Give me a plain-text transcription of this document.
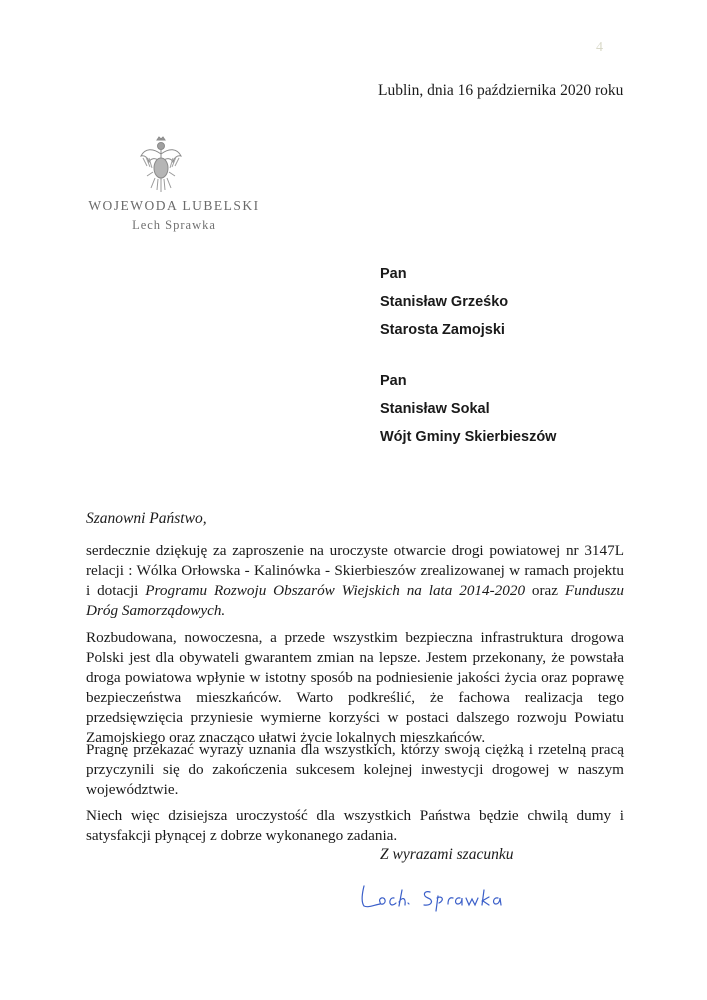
4
Lublin, dnia 16 października 2020 roku
WOJEWODA LUBELSKI
Lech Sprawka
Pan
Stanisław Grześko
Starosta Zamojski
Pan
Stanisław Sokal
Wójt Gminy Skierbieszów
Szanowni Państwo,
serdecznie dziękuję za zaproszenie na uroczyste otwarcie drogi powiatowej nr 3147L relacji : Wólka Orłowska - Kalinówka - Skierbieszów zrealizowanej w ramach projektu i dotacji Programu Rozwoju Obszarów Wiejskich na lata 2014-2020 oraz Funduszu Dróg Samorządowych.
Rozbudowana, nowoczesna, a przede wszystkim bezpieczna infrastruktura drogowa Polski jest dla obywateli gwarantem zmian na lepsze. Jestem przekonany, że powstała droga powiatowa wpłynie w istotny sposób na podniesienie jakości życia oraz poprawę bezpieczeństwa mieszkańców. Warto podkreślić, że fachowa realizacja tego przedsięwzięcia przyniesie wymierne korzyści w postaci dalszego rozwoju Powiatu Zamojskiego oraz znacząco ułatwi życie lokalnych mieszkańców.
Pragnę przekazać wyrazy uznania dla wszystkich, którzy swoją ciężką i rzetelną pracą przyczynili się do zakończenia sukcesem kolejnej inwestycji drogowej w naszym województwie.
Niech więc dzisiejsza uroczystość dla wszystkich Państwa będzie chwilą dumy i satysfakcji płynącej z dobrze wykonanego zadania.
Z wyrazami szacunku
